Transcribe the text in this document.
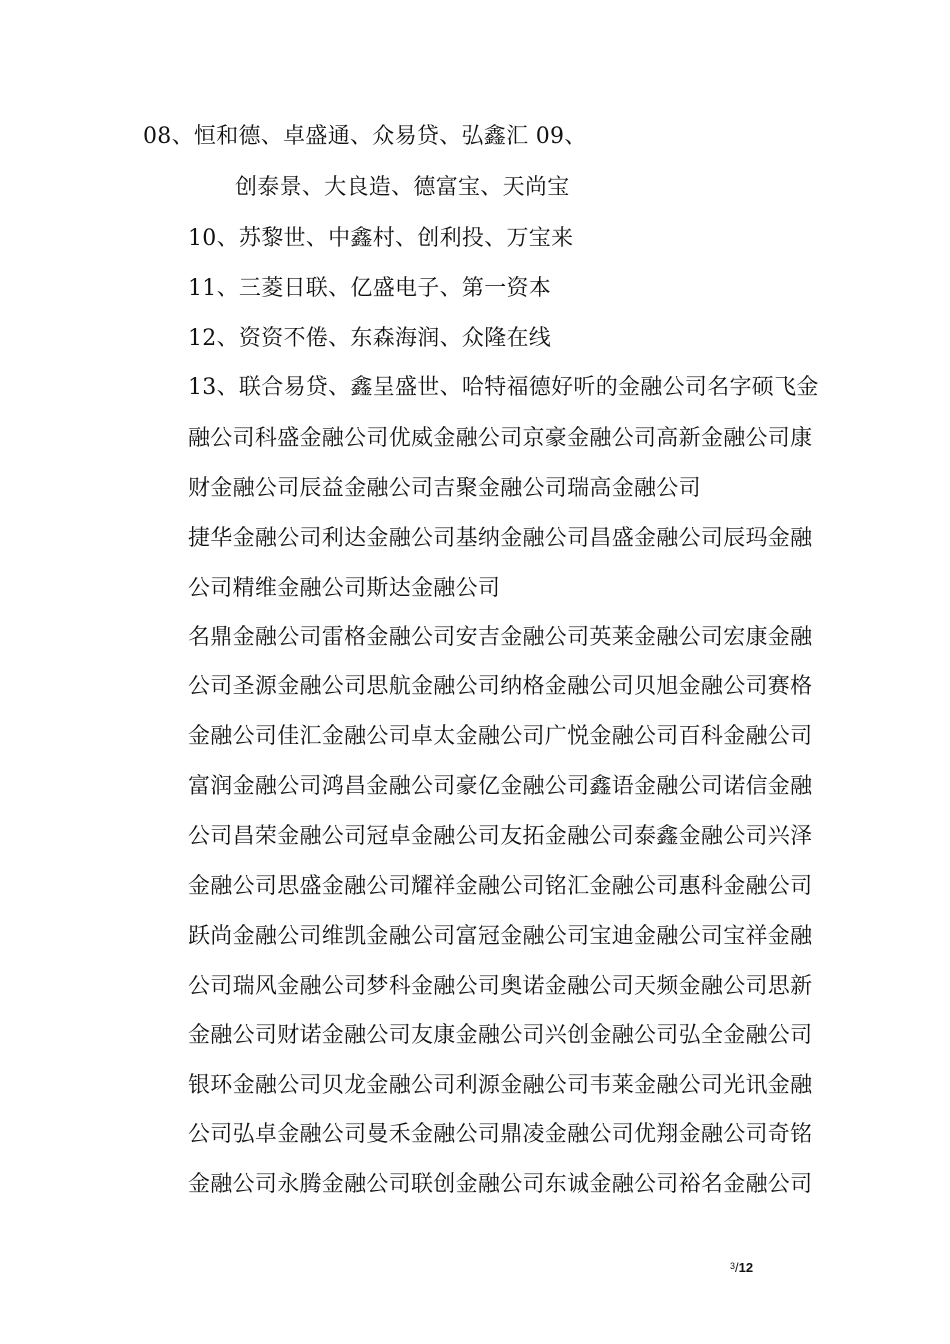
08、恒和德、卓盛通、众易贷、弘鑫汇 09、
创泰景、大良造、德富宝、天尚宝
10、苏黎世、中鑫村、创利投、万宝来
11、三菱日联、亿盛电子、第一资本
12、资资不倦、东森海润、众隆在线
13、联合易贷、鑫呈盛世、哈特福德好听的金融公司名字硕飞金
融公司科盛金融公司优威金融公司京豪金融公司高新金融公司康
财金融公司辰益金融公司吉聚金融公司瑞高金融公司
捷华金融公司利达金融公司基纳金融公司昌盛金融公司辰玛金融
公司精维金融公司斯达金融公司
名鼎金融公司雷格金融公司安吉金融公司英莱金融公司宏康金融
公司圣源金融公司思航金融公司纳格金融公司贝旭金融公司赛格
金融公司佳汇金融公司卓太金融公司广悦金融公司百科金融公司
富润金融公司鸿昌金融公司豪亿金融公司鑫语金融公司诺信金融
公司昌荣金融公司冠卓金融公司友拓金融公司泰鑫金融公司兴泽
金融公司思盛金融公司耀祥金融公司铭汇金融公司惠科金融公司
跃尚金融公司维凯金融公司富冠金融公司宝迪金融公司宝祥金融
公司瑞风金融公司梦科金融公司奥诺金融公司天频金融公司思新
金融公司财诺金融公司友康金融公司兴创金融公司弘全金融公司
银环金融公司贝龙金融公司利源金融公司韦莱金融公司光讯金融
公司弘卓金融公司曼禾金融公司鼎凌金融公司优翔金融公司奇铭
金融公司永腾金融公司联创金融公司东诚金融公司裕名金融公司
$^3$/12
